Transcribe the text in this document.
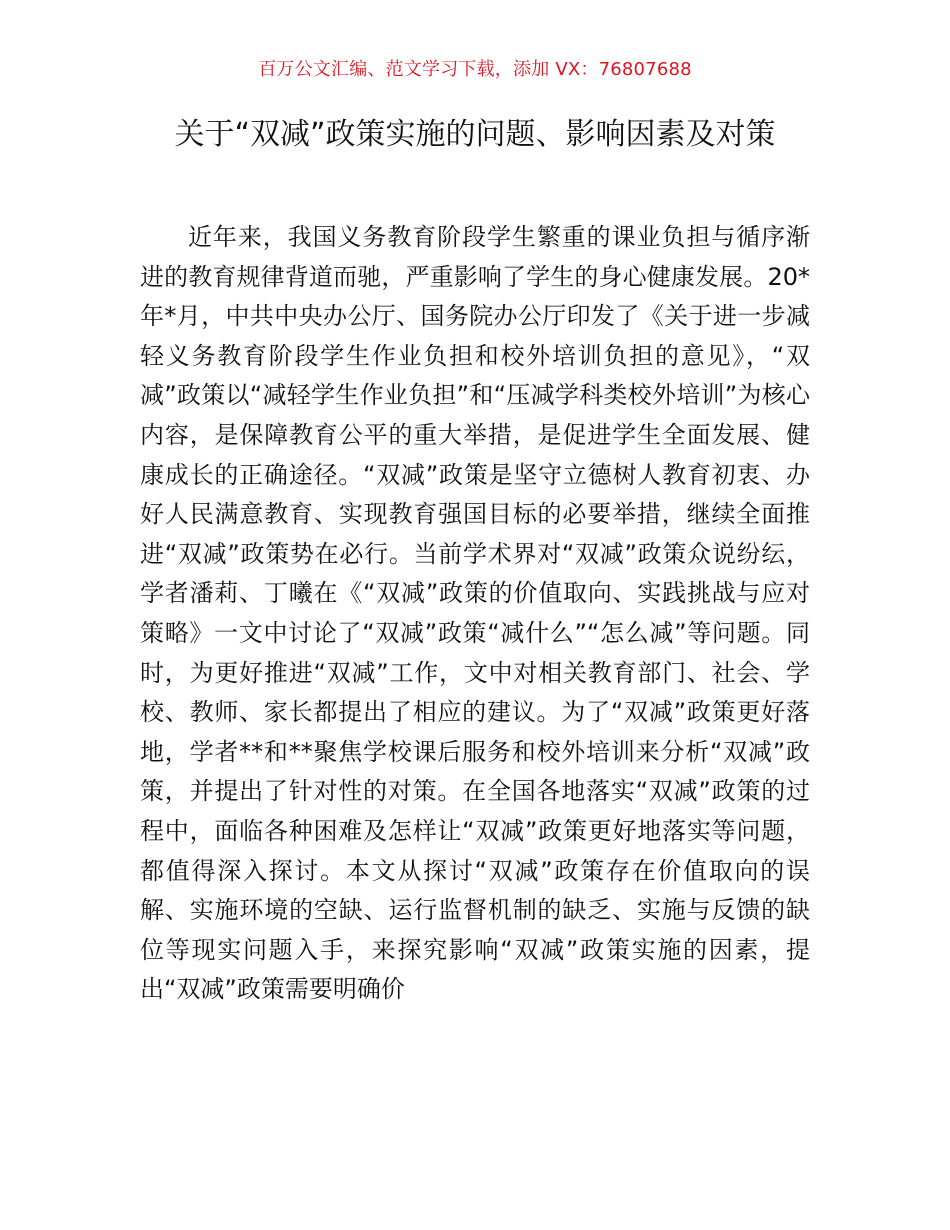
百万公文汇编、范文学习下载，添加 VX：76807688
关于“双减”政策实施的问题、影响因素及对策

近年来，我国义务教育阶段学生繁重的课业负担与循序渐进的教育规律背道而驰，严重影响了学生的身心健康发展。20*年*月，中共中央办公厅、国务院办公厅印发了《关于进一步减轻义务教育阶段学生作业负担和校外培训负担的意见》，“双减”政策以“减轻学生作业负担”和“压减学科类校外培训”为核心内容，是保障教育公平的重大举措，是促进学生全面发展、健康成长的正确途径。“双减”政策是坚守立德树人教育初衷、办好人民满意教育、实现教育强国目标的必要举措，继续全面推进“双减”政策势在必行。当前学术界对“双减”政策众说纷纭，学者潘莉、丁曦在《“双减”政策的价值取向、实践挑战与应对策略》一文中讨论了“双减”政策“减什么”“怎么减”等问题。同时，为更好推进“双减”工作，文中对相关教育部门、社会、学校、教师、家长都提出了相应的建议。为了“双减”政策更好落地，学者**和**聚焦学校课后服务和校外培训来分析“双减”政策，并提出了针对性的对策。在全国各地落实“双减”政策的过程中，面临各种困难及怎样让“双减”政策更好地落实等问题，都值得深入探讨。本文从探讨“双减”政策存在价值取向的误解、实施环境的空缺、运行监督机制的缺乏、实施与反馈的缺位等现实问题入手，来探究影响“双减”政策实施的因素，提出“双减”政策需要明确价
